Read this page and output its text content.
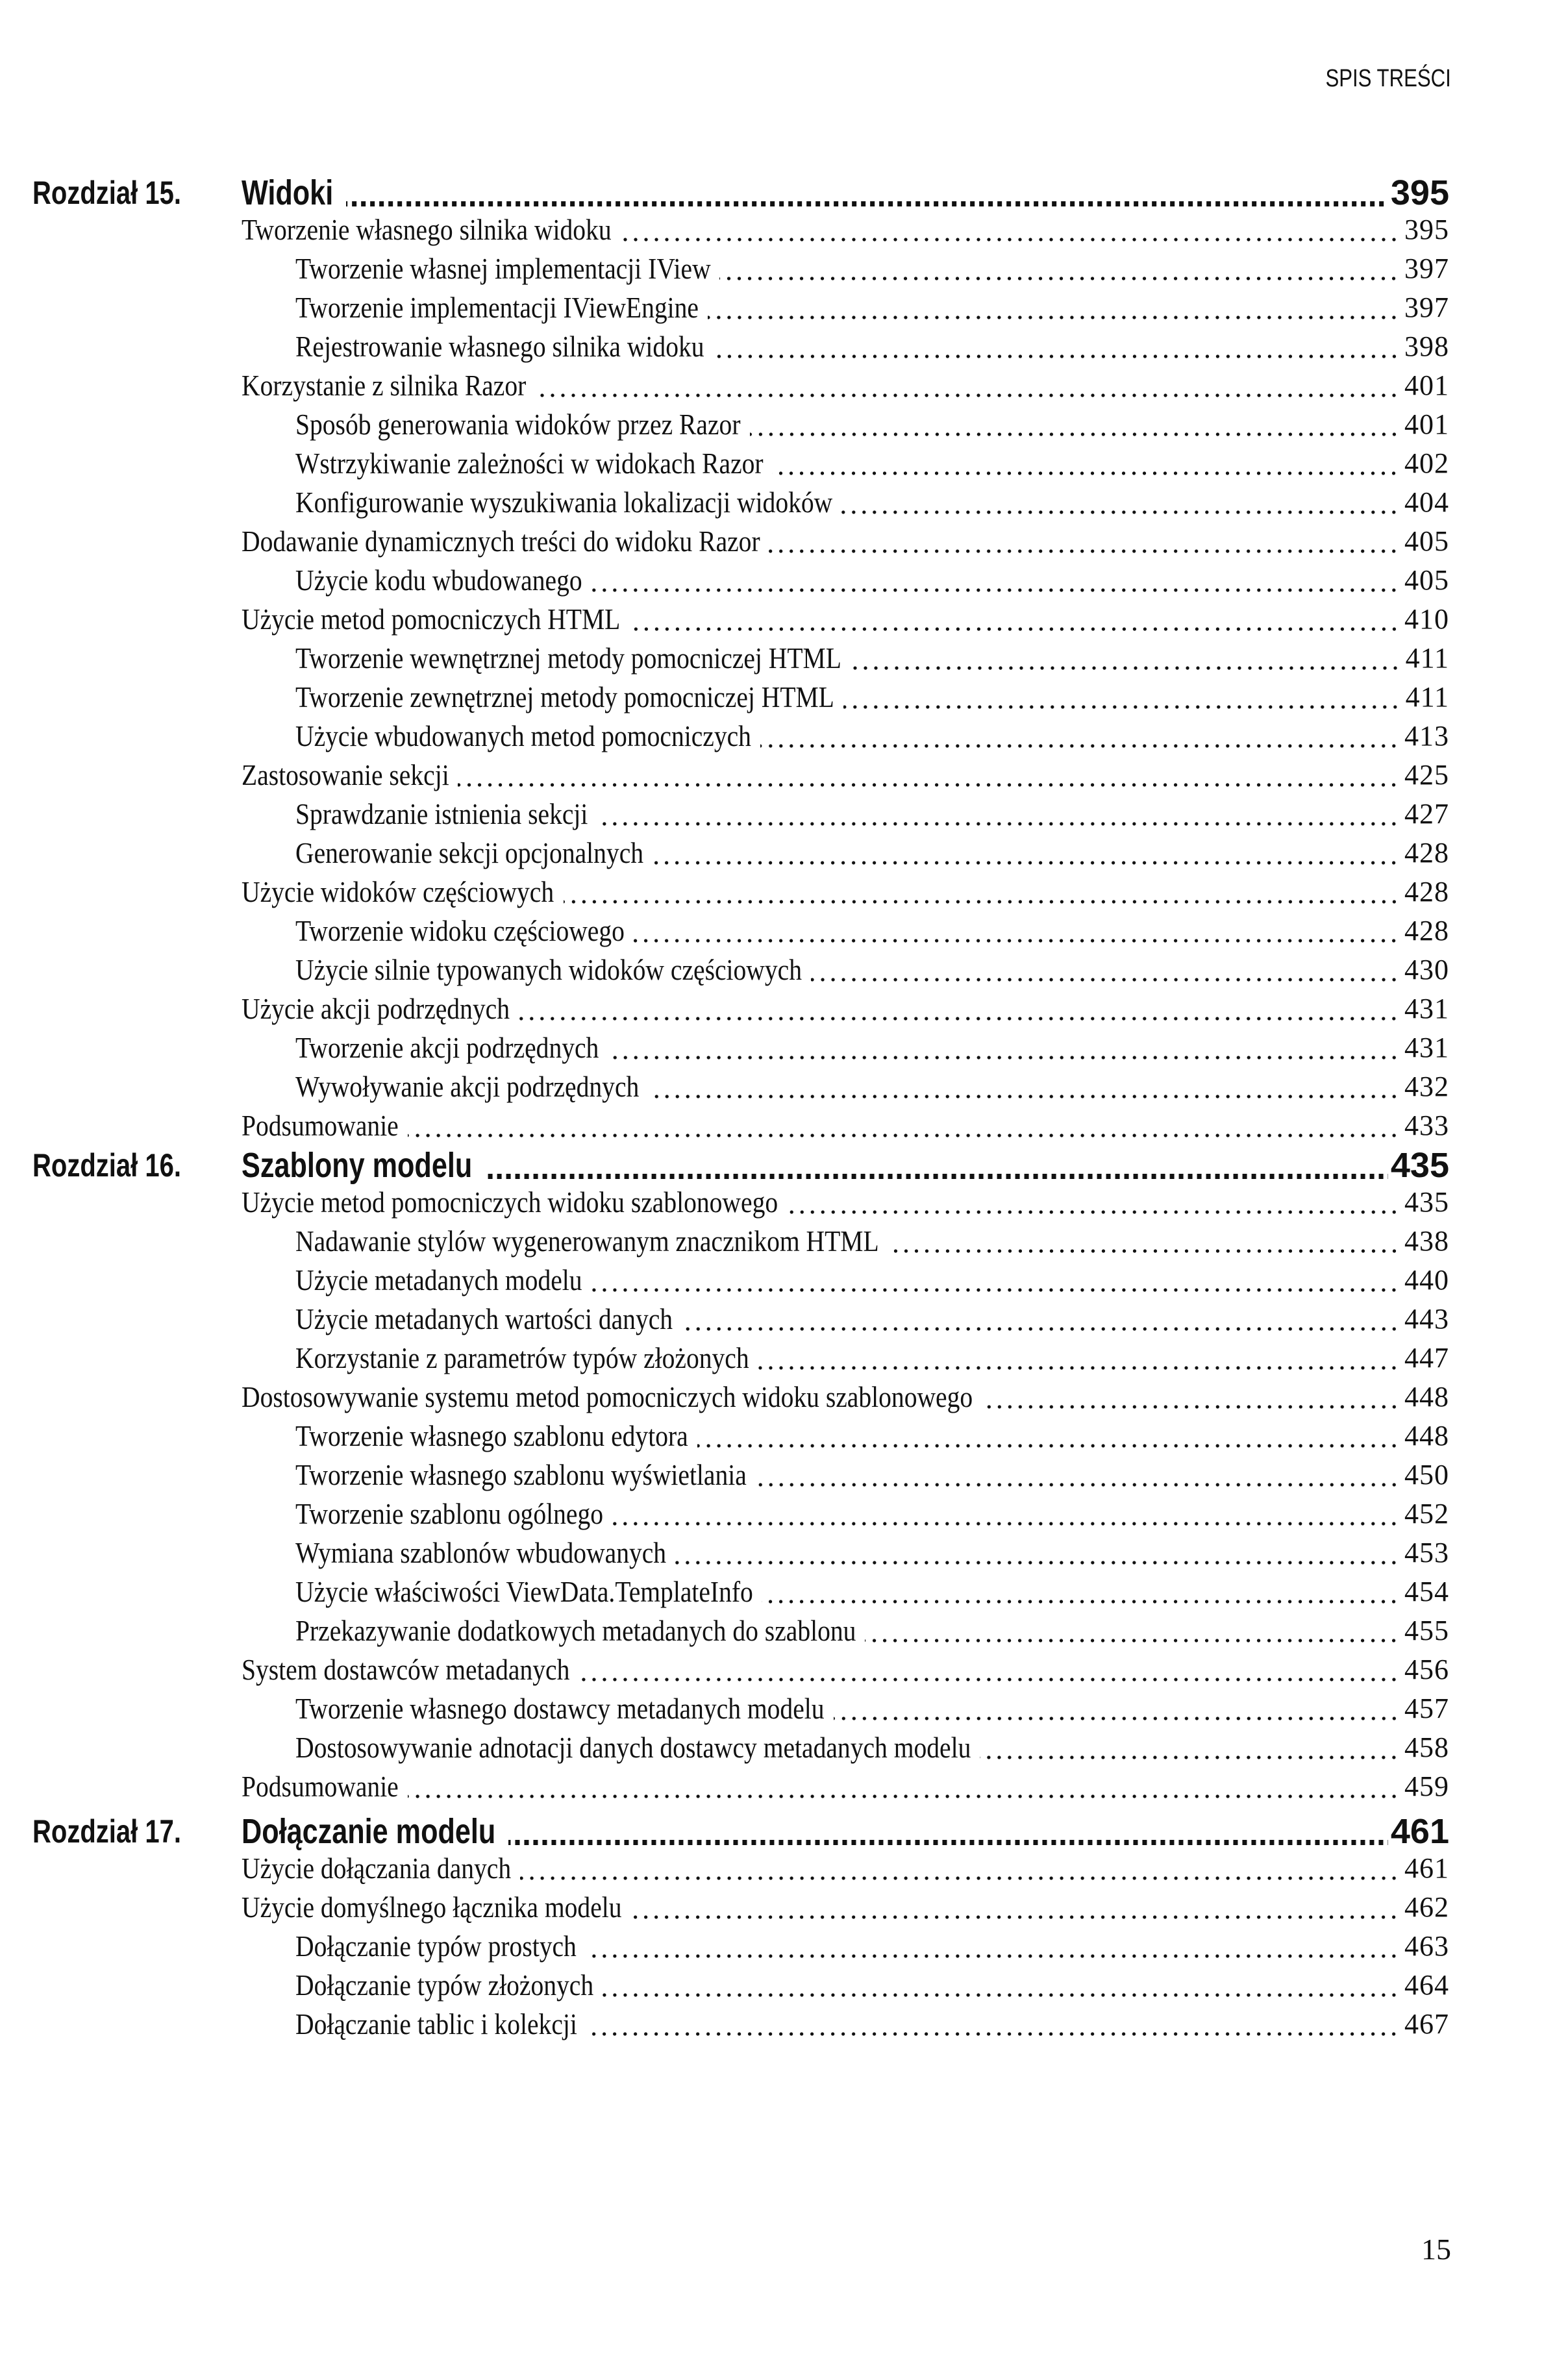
SPIS TREŚCI
Rozdział 15. Widoki	395
Tworzenie własnego silnika widoku	395
Tworzenie własnej implementacji IView	397
Tworzenie implementacji IViewEngine	397
Rejestrowanie własnego silnika widoku	398
Korzystanie z silnika Razor	401
Sposób generowania widoków przez Razor	401
Wstrzykiwanie zależności w widokach Razor	402
Konfigurowanie wyszukiwania lokalizacji widoków	404
Dodawanie dynamicznych treści do widoku Razor	405
Użycie kodu wbudowanego	405
Użycie metod pomocniczych HTML	410
Tworzenie wewnętrznej metody pomocniczej HTML	411
Tworzenie zewnętrznej metody pomocniczej HTML	411
Użycie wbudowanych metod pomocniczych	413
Zastosowanie sekcji	425
Sprawdzanie istnienia sekcji	427
Generowanie sekcji opcjonalnych	428
Użycie widoków częściowych	428
Tworzenie widoku częściowego	428
Użycie silnie typowanych widoków częściowych	430
Użycie akcji podrzędnych	431
Tworzenie akcji podrzędnych	431
Wywoływanie akcji podrzędnych	432
Podsumowanie	433
Rozdział 16. Szablony modelu	435
Użycie metod pomocniczych widoku szablonowego	435
Nadawanie stylów wygenerowanym znacznikom HTML	438
Użycie metadanych modelu	440
Użycie metadanych wartości danych	443
Korzystanie z parametrów typów złożonych	447
Dostosowywanie systemu metod pomocniczych widoku szablonowego	448
Tworzenie własnego szablonu edytora	448
Tworzenie własnego szablonu wyświetlania	450
Tworzenie szablonu ogólnego	452
Wymiana szablonów wbudowanych	453
Użycie właściwości ViewData.TemplateInfo	454
Przekazywanie dodatkowych metadanych do szablonu	455
System dostawców metadanych	456
Tworzenie własnego dostawcy metadanych modelu	457
Dostosowywanie adnotacji danych dostawcy metadanych modelu	458
Podsumowanie	459
Rozdział 17. Dołączanie modelu	461
Użycie dołączania danych	461
Użycie domyślnego łącznika modelu	462
Dołączanie typów prostych	463
Dołączanie typów złożonych	464
Dołączanie tablic i kolekcji	467
15
